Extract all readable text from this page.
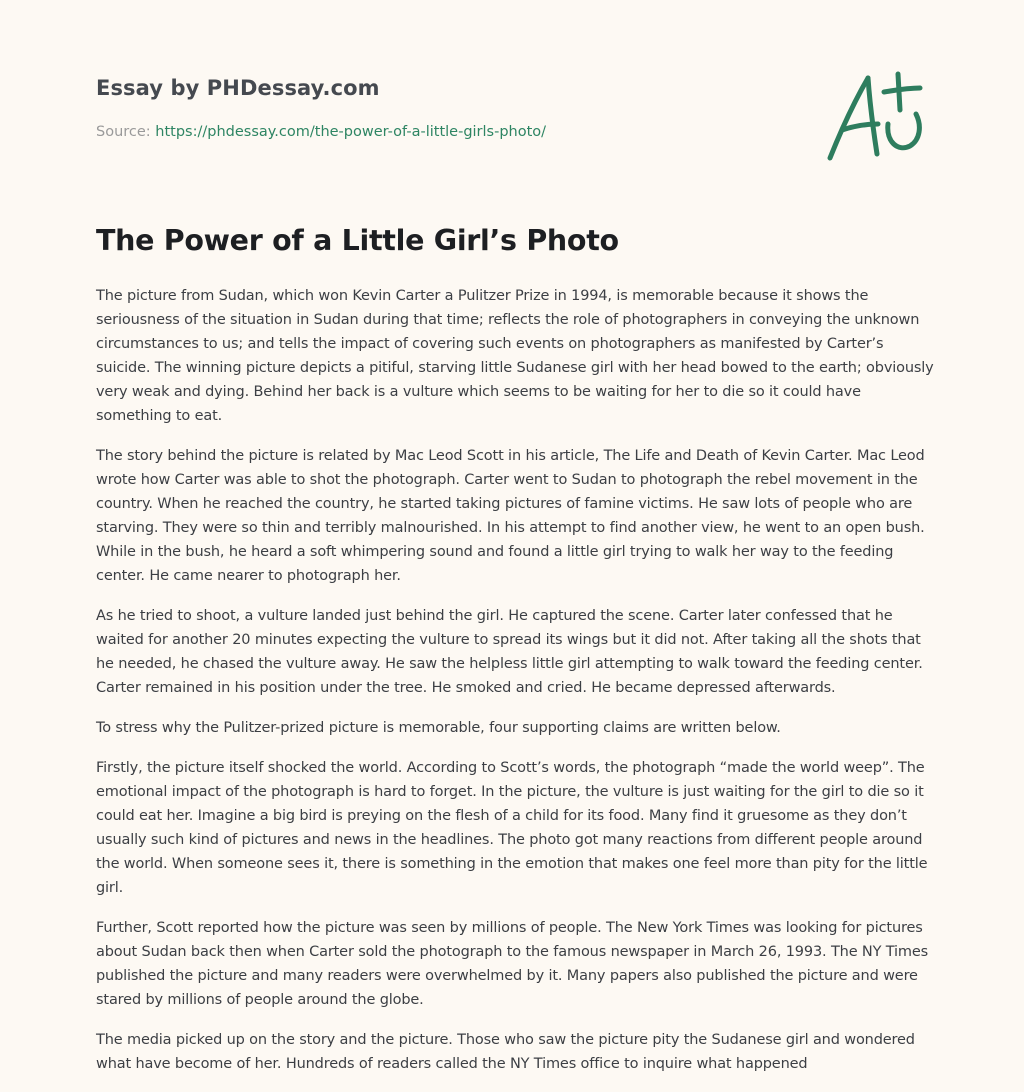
Essay by PHDessay.com
Source: https://phdessay.com/the-power-of-a-little-girls-photo/
The Power of a Little Girl’s Photo

The picture from Sudan, which won Kevin Carter a Pulitzer Prize in 1994, is memorable because it shows the seriousness of the situation in Sudan during that time; reflects the role of photographers in conveying the unknown circumstances to us; and tells the impact of covering such events on photographers as manifested by Carter’s suicide. The winning picture depicts a pitiful, starving little Sudanese girl with her head bowed to the earth; obviously very weak and dying. Behind her back is a vulture which seems to be waiting for her to die so it could have something to eat.

The story behind the picture is related by Mac Leod Scott in his article, The Life and Death of Kevin Carter. Mac Leod wrote how Carter was able to shot the photograph. Carter went to Sudan to photograph the rebel movement in the country. When he reached the country, he started taking pictures of famine victims. He saw lots of people who are starving. They were so thin and terribly malnourished. In his attempt to find another view, he went to an open bush. While in the bush, he heard a soft whimpering sound and found a little girl trying to walk her way to the feeding center. He came nearer to photograph her.

As he tried to shoot, a vulture landed just behind the girl. He captured the scene. Carter later confessed that he waited for another 20 minutes expecting the vulture to spread its wings but it did not. After taking all the shots that he needed, he chased the vulture away. He saw the helpless little girl attempting to walk toward the feeding center. Carter remained in his position under the tree. He smoked and cried. He became depressed afterwards.

To stress why the Pulitzer-prized picture is memorable, four supporting claims are written below.

Firstly, the picture itself shocked the world. According to Scott’s words, the photograph “made the world weep”. The emotional impact of the photograph is hard to forget. In the picture, the vulture is just waiting for the girl to die so it could eat her. Imagine a big bird is preying on the flesh of a child for its food. Many find it gruesome as they don’t usually such kind of pictures and news in the headlines. The photo got many reactions from different people around the world. When someone sees it, there is something in the emotion that makes one feel more than pity for the little girl.

Further, Scott reported how the picture was seen by millions of people. The New York Times was looking for pictures about Sudan back then when Carter sold the photograph to the famous newspaper in March 26, 1993. The NY Times published the picture and many readers were overwhelmed by it. Many papers also published the picture and were stared by millions of people around the globe.

The media picked up on the story and the picture. Those who saw the picture pity the Sudanese girl and wondered what have become of her. Hundreds of readers called the NY Times office to inquire what happened
